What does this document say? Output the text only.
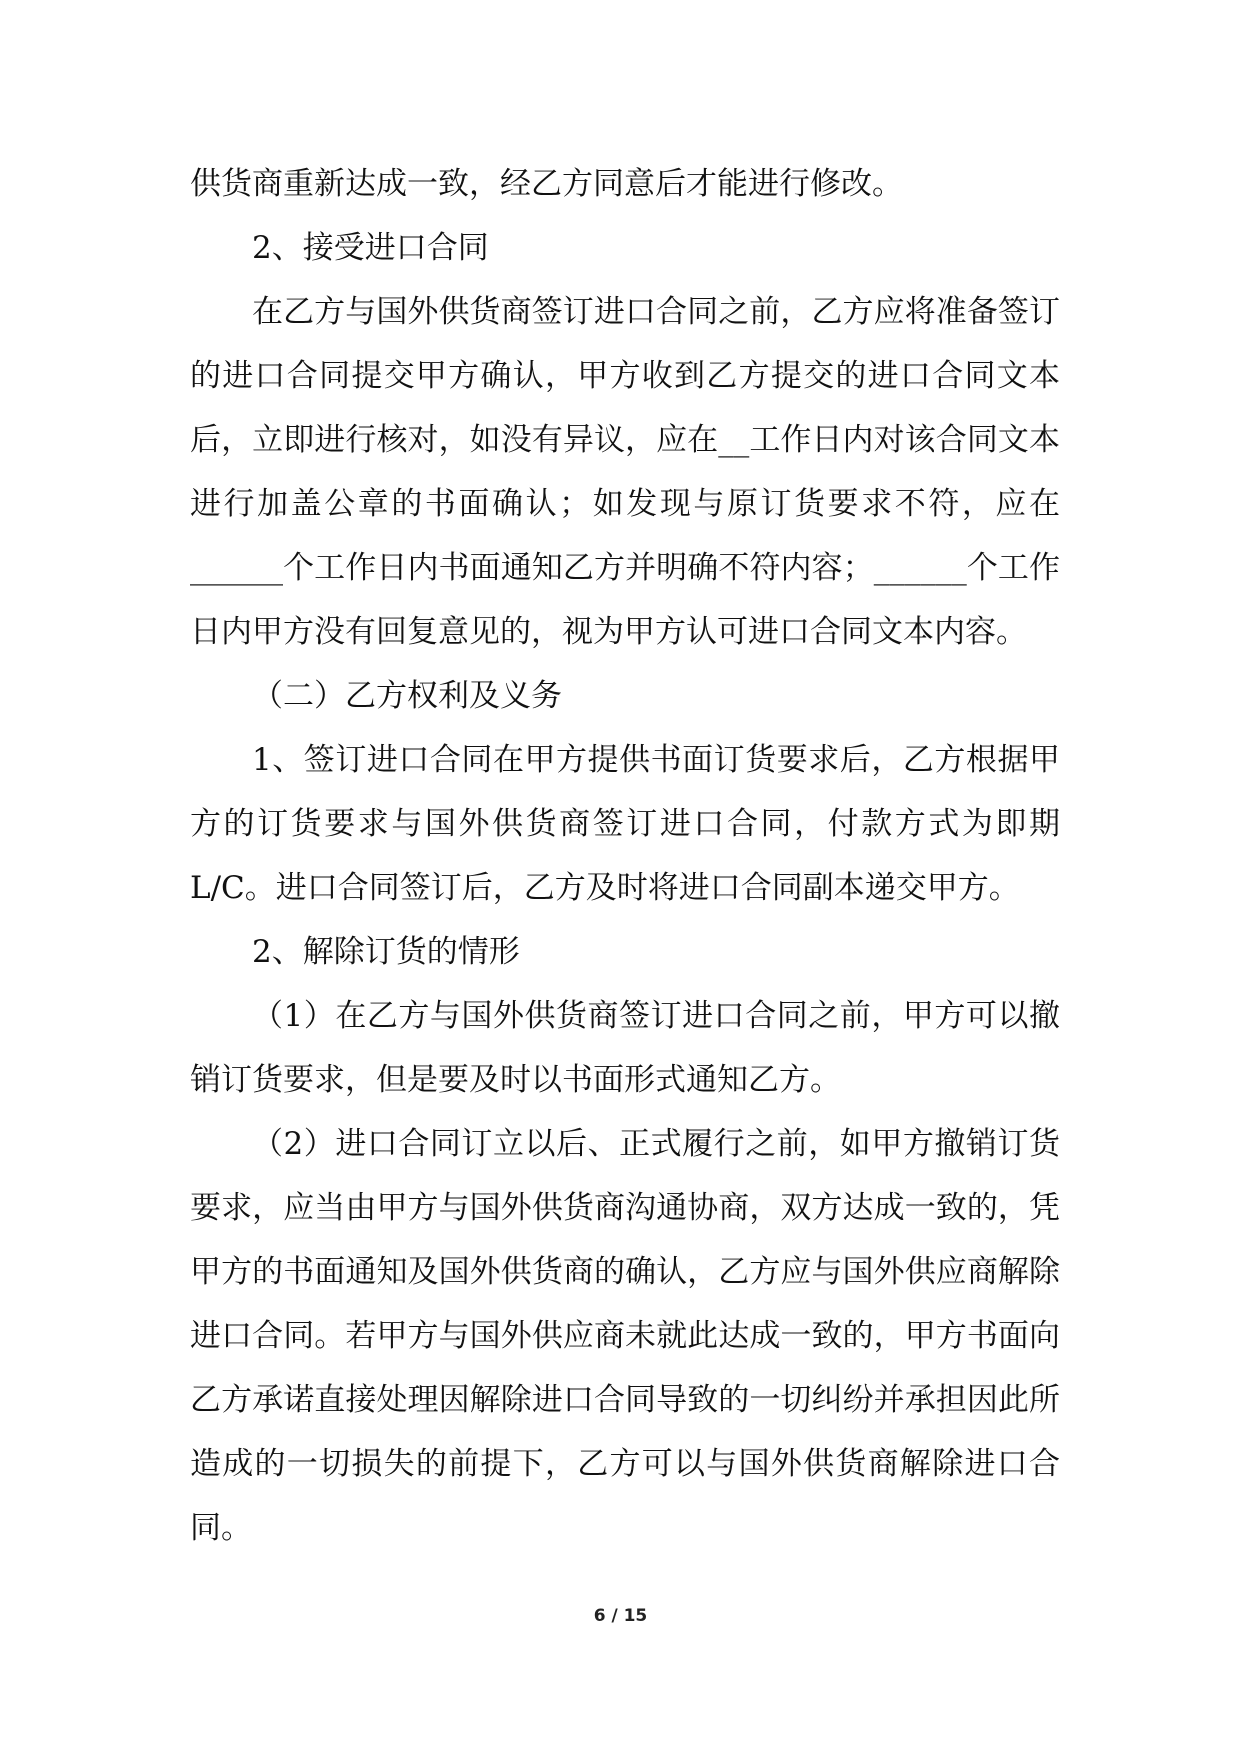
供货商重新达成一致，经乙方同意后才能进行修改。

2、接受进口合同

在乙方与国外供货商签订进口合同之前，乙方应将准备签订的进口合同提交甲方确认，甲方收到乙方提交的进口合同文本后，立即进行核对，如没有异议，应在__工作日内对该合同文本进行加盖公章的书面确认；如发现与原订货要求不符，应在______个工作日内书面通知乙方并明确不符内容；______个工作日内甲方没有回复意见的，视为甲方认可进口合同文本内容。

（二）乙方权利及义务

1、签订进口合同在甲方提供书面订货要求后，乙方根据甲方的订货要求与国外供货商签订进口合同，付款方式为即期L/C。进口合同签订后，乙方及时将进口合同副本递交甲方。

2、解除订货的情形

（1）在乙方与国外供货商签订进口合同之前，甲方可以撤销订货要求，但是要及时以书面形式通知乙方。

（2）进口合同订立以后、正式履行之前，如甲方撤销订货要求，应当由甲方与国外供货商沟通协商，双方达成一致的，凭甲方的书面通知及国外供货商的确认，乙方应与国外供应商解除进口合同。若甲方与国外供应商未就此达成一致的，甲方书面向乙方承诺直接处理因解除进口合同导致的一切纠纷并承担因此所造成的一切损失的前提下，乙方可以与国外供货商解除进口合同。

6 / 15
